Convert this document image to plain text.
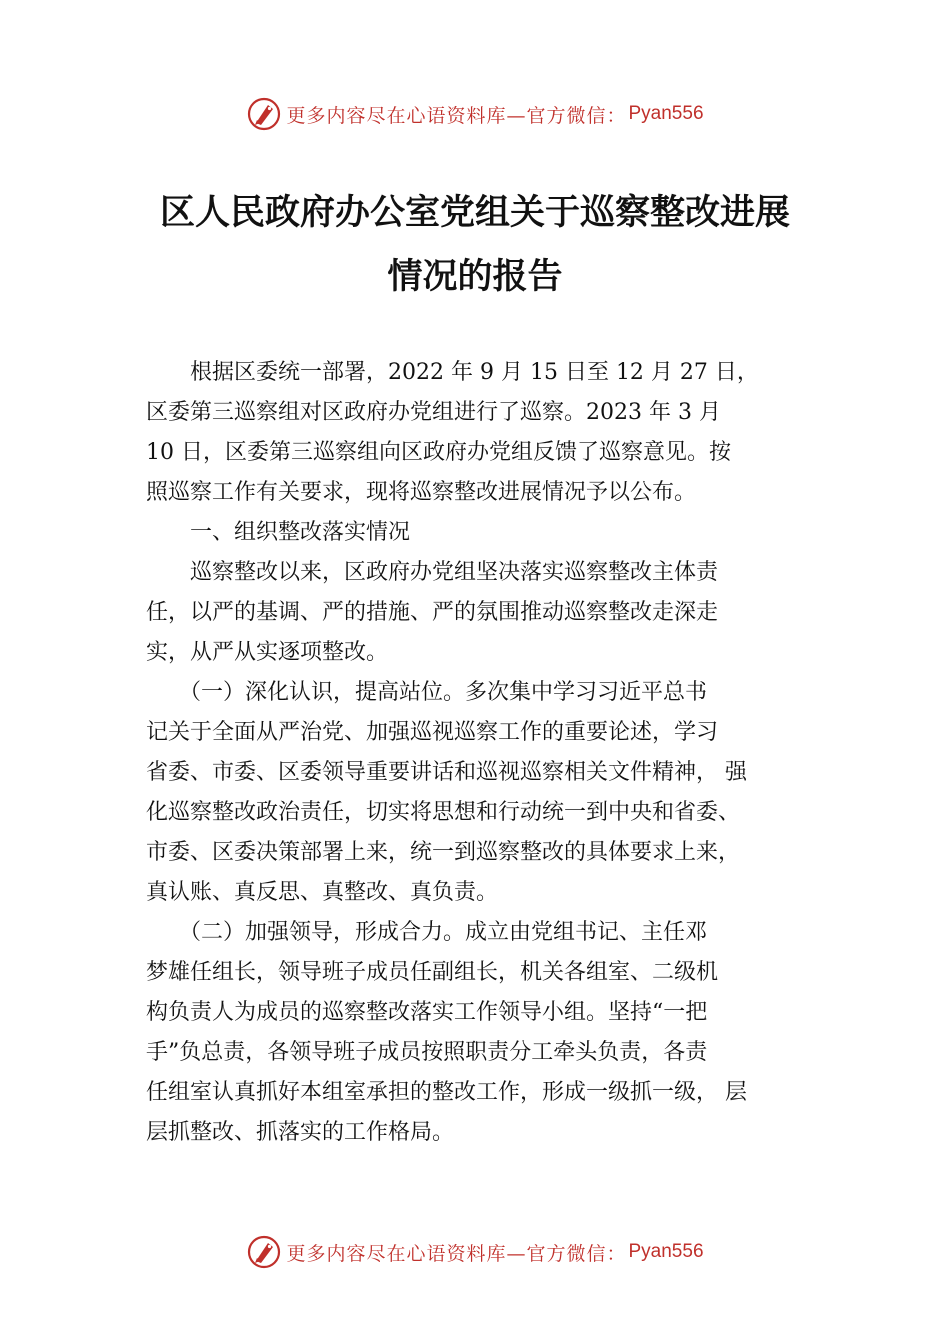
更多内容尽在心语资料库—官方微信： Pyan556
区人民政府办公室党组关于巡察整改进展
情况的报告
　　根据区委统一部署，2022 年 9 月 15 日至 12 月 27 日，
区委第三巡察组对区政府办党组进行了巡察。2023 年 3 月
10 日，区委第三巡察组向区政府办党组反馈了巡察意见。按
照巡察工作有关要求，现将巡察整改进展情况予以公布。
　　一、组织整改落实情况
　　巡察整改以来，区政府办党组坚决落实巡察整改主体责
任，以严的基调、严的措施、严的氛围推动巡察整改走深走
实，从严从实逐项整改。
　　（一）深化认识，提高站位。多次集中学习习近平总书
记关于全面从严治党、加强巡视巡察工作的重要论述，学习
省委、市委、区委领导重要讲话和巡视巡察相关文件精神， 强
化巡察整改政治责任，切实将思想和行动统一到中央和省委、
市委、区委决策部署上来，统一到巡察整改的具体要求上来，
真认账、真反思、真整改、真负责。
　　（二）加强领导，形成合力。成立由党组书记、主任邓
梦雄任组长，领导班子成员任副组长，机关各组室、二级机
构负责人为成员的巡察整改落实工作领导小组。坚持“一把
手”负总责，各领导班子成员按照职责分工牵头负责，各责
任组室认真抓好本组室承担的整改工作，形成一级抓一级， 层
层抓整改、抓落实的工作格局。
更多内容尽在心语资料库—官方微信： Pyan556
